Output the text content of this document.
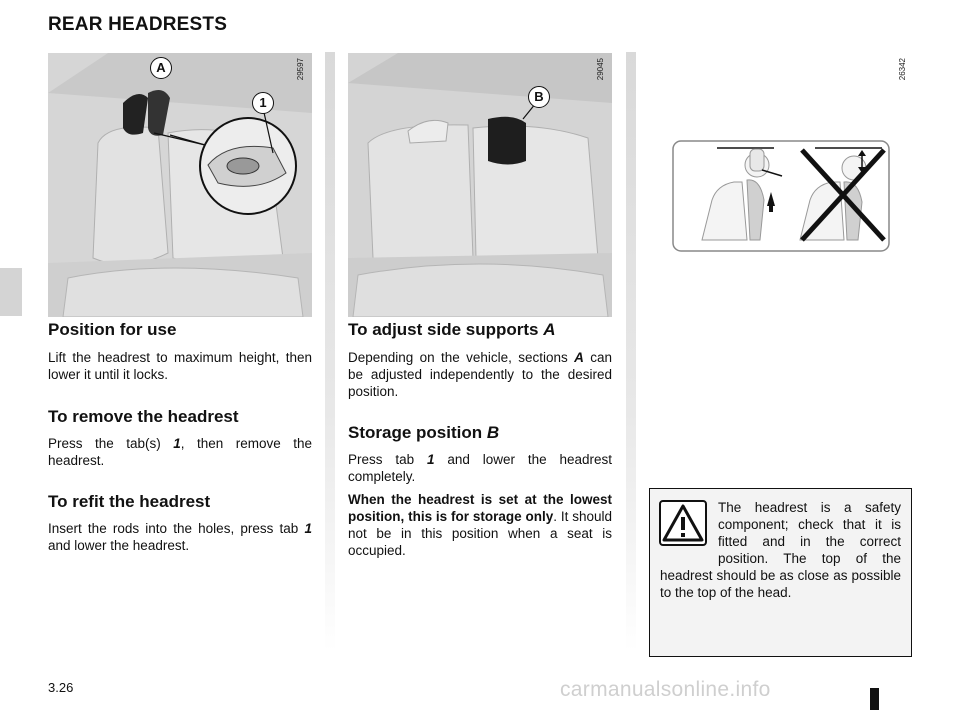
REAR HEADRESTS
29597
A
1
29045
B
26342
Position for use
Lift the headrest to maximum height, then lower it until it locks.
To remove the headrest
Press the tab(s) 1, then remove the headrest.
To refit the headrest
Insert the rods into the holes, press tab 1 and lower the headrest.
To adjust side supports A
Depending on the vehicle, sections A can be adjusted independently to the desired position.
Storage position B
Press tab 1 and lower the headrest completely.
When the headrest is set at the lowest position, this is for storage only. It should not be in this position when a seat is occupied.
The headrest is a safety component; check that it is fitted and in the correct position. The top of the headrest should be as close as possible to the top of the head.
3.26	carmanualsonline.info
